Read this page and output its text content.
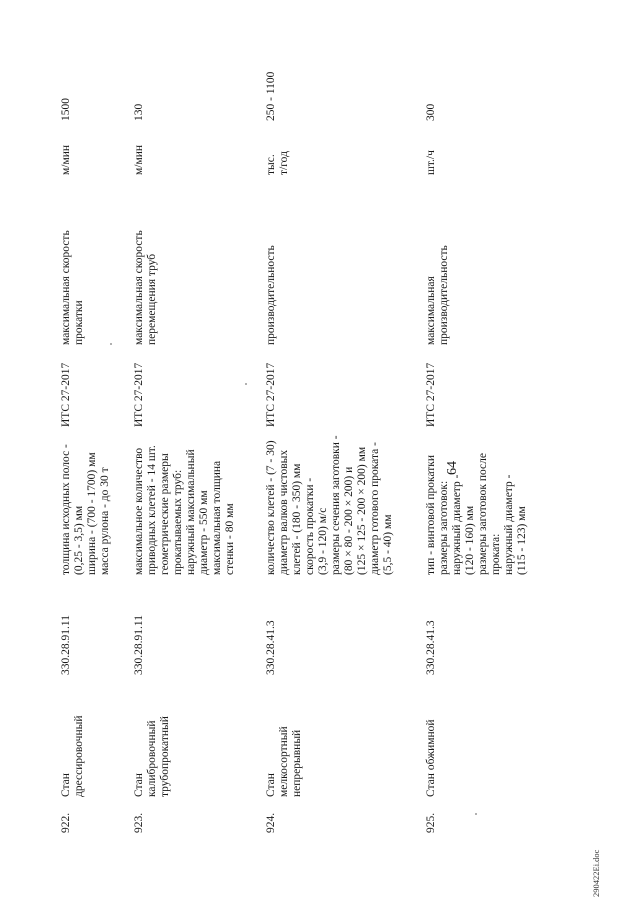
64
922.
Стан
дрессировочный
330.28.91.11
толщина исходных полос -
(0,25 - 3,5) мм
ширина - (700 - 1700) мм
масса рулона - до 30 т
ИТС 27-2017
максимальная скорость
прокатки
м/мин
1500
923.
Стан
калибровочный
трубопрокатный
330.28.91.11
максимальное количество
приводных клетей - 14 шт.
геометрические размеры
прокатываемых труб:
наружный максимальный
диаметр - 550 мм
максимальная толщина
стенки - 80 мм
ИТС 27-2017
максимальная скорость
перемещения труб
м/мин
130
924.
Стан
мелкосортный
непрерывный
330.28.41.3
количество клетей - (7 - 30)
диаметр валков чистовых
клетей - (180 - 350) мм
скорость прокатки -
(3,9 - 120) м/с
размеры сечения заготовки -
(80 × 80 - 200 × 200) и
(125 × 125 - 200 × 200) мм
диаметр готового проката -
(5,5 - 40) мм
ИТС 27-2017
производительность
тыс.
т/год
250 - 1100
925.
Стан обжимной
330.28.41.3
тип - винтовой прокатки
размеры заготовок:
наружный диаметр -
(120 - 160) мм
размеры заготовок после
проката:
наружный диаметр -
(115 - 123) мм
ИТС 27-2017
максимальная
производительность
шт./ч
300
290422Ei.doc
